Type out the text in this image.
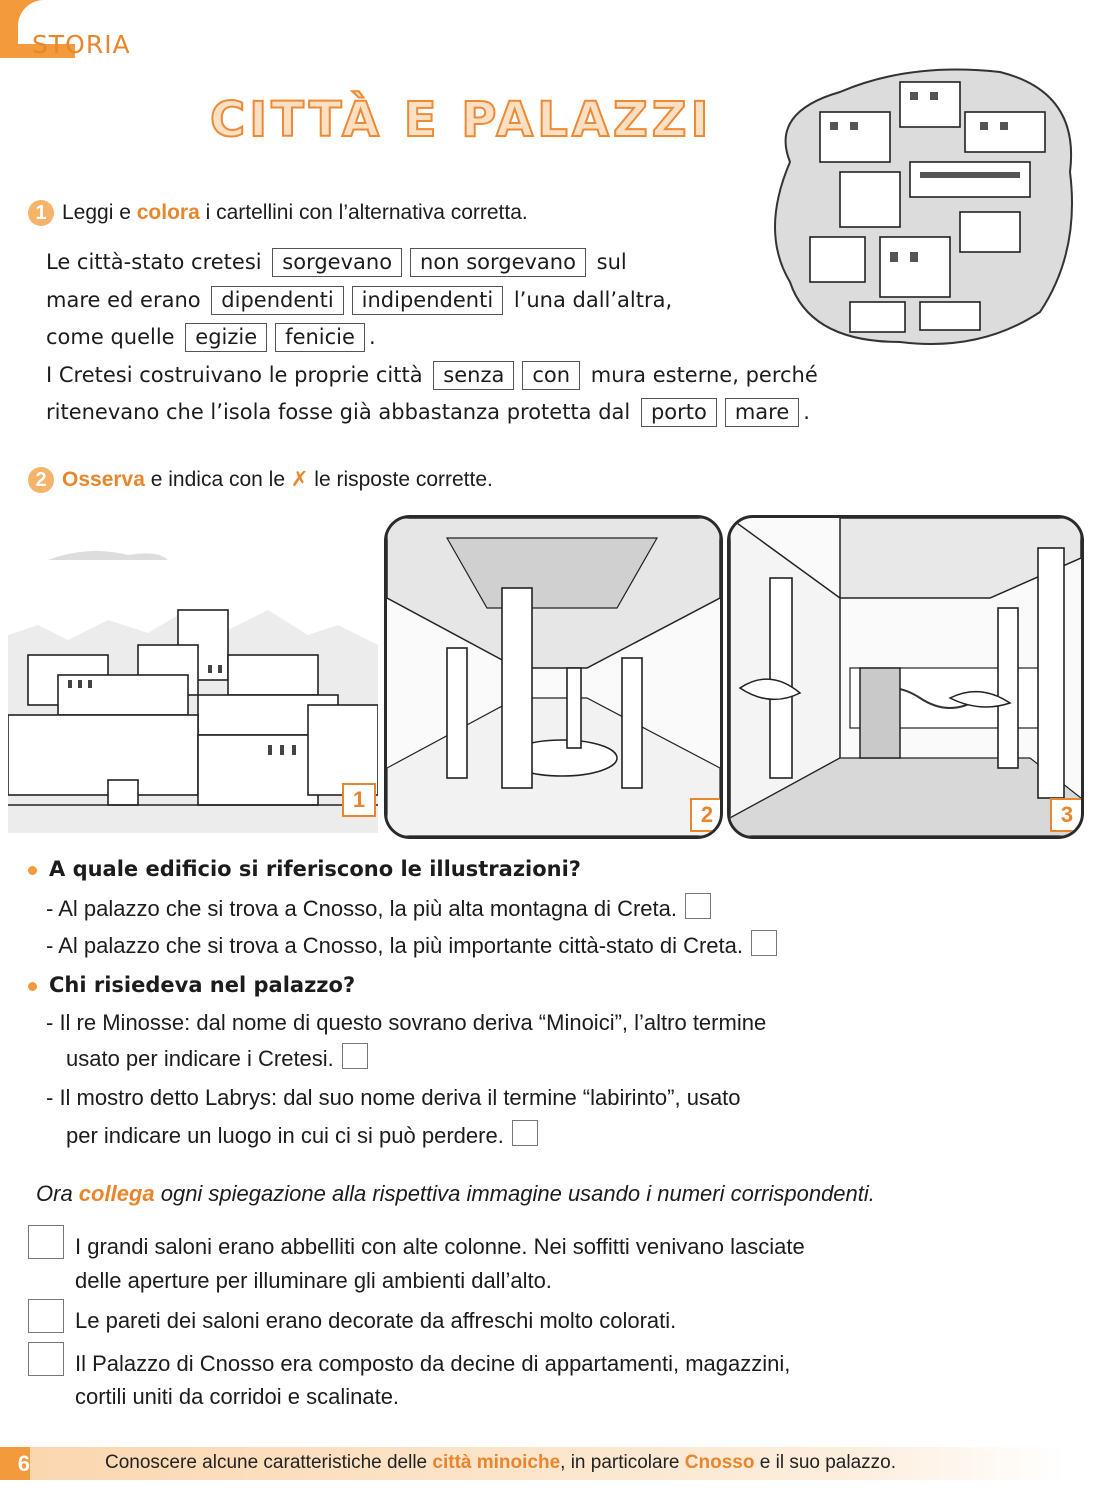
STORIA
CITTÀ E PALAZZI
1 Leggi e colora i cartellini con l’alternativa corretta.
Le città-stato cretesi sorgevano non sorgevano sul
mare ed erano dipendenti indipendenti l’una dall’altra,
come quelle egizie fenicie .
I Cretesi costruivano le proprie città senza con mura esterne, perché
ritenevano che l’isola fosse già abbastanza protetta dal porto mare .
2 Osserva e indica con le ✗ le risposte corrette.
1
2	3
A quale edificio si riferiscono le illustrazioni?
- Al palazzo che si trova a Cnosso, la più alta montagna di Creta.
- Al palazzo che si trova a Cnosso, la più importante città-stato di Creta.
Chi risiedeva nel palazzo?
- Il re Minosse: dal nome di questo sovrano deriva “Minoici”, l’altro termine
usato per indicare i Cretesi.
- Il mostro detto Labrys: dal suo nome deriva il termine “labirinto”, usato
per indicare un luogo in cui ci si può perdere.
Ora collega ogni spiegazione alla rispettiva immagine usando i numeri corrispondenti.
I grandi saloni erano abbelliti con alte colonne. Nei soffitti venivano lasciate
delle aperture per illuminare gli ambienti dall’alto.
Le pareti dei saloni erano decorate da affreschi molto colorati.
Il Palazzo di Cnosso era composto da decine di appartamenti, magazzini,
cortili uniti da corridoi e scalinate.
6	Conoscere alcune caratteristiche delle città minoiche, in particolare Cnosso e il suo palazzo.
